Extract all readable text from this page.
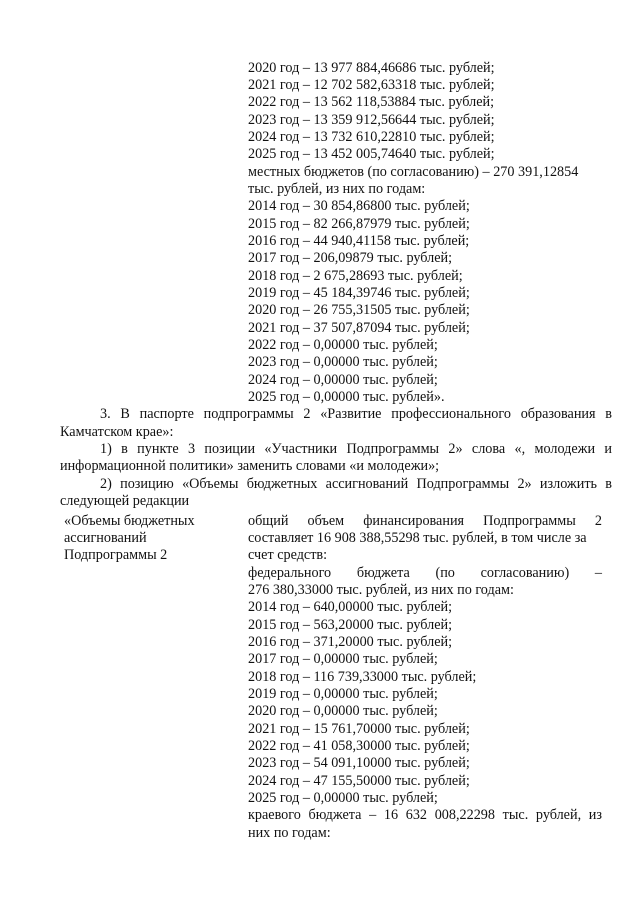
2020 год – 13 977 884,46686 тыс. рублей;
2021 год – 12 702 582,63318 тыс. рублей;
2022 год – 13 562 118,53884 тыс. рублей;
2023 год – 13 359 912,56644 тыс. рублей;
2024 год – 13 732 610,22810 тыс. рублей;
2025 год – 13 452 005,74640 тыс. рублей;
местных бюджетов (по согласованию) – 270 391,12854
тыс. рублей, из них по годам:
2014 год – 30 854,86800 тыс. рублей;
2015 год – 82 266,87979 тыс. рублей;
2016 год – 44 940,41158 тыс. рублей;
2017 год – 206,09879 тыс. рублей;
2018 год – 2 675,28693 тыс. рублей;
2019 год – 45 184,39746 тыс. рублей;
2020 год – 26 755,31505 тыс. рублей;
2021 год – 37 507,87094 тыс. рублей;
2022 год – 0,00000 тыс. рублей;
2023 год – 0,00000 тыс. рублей;
2024 год – 0,00000 тыс. рублей;
2025 год – 0,00000 тыс. рублей».
3. В паспорте подпрограммы 2 «Развитие профессионального образования в
Камчатском крае»:
1) в пункте 3 позиции «Участники Подпрограммы 2» слова «, молодежи и
информационной политики» заменить словами «и молодежи»;
2) позицию «Объемы бюджетных ассигнований Подпрограммы 2» изложить в
следующей редакции
«Объемы бюджетных
ассигнований
Подпрограммы 2
общий объем финансирования Подпрограммы 2
составляет 16 908 388,55298 тыс. рублей, в том числе за
счет средств:
федерального бюджета (по согласованию) –
276 380,33000 тыс. рублей, из них по годам:
2014 год – 640,00000 тыс. рублей;
2015 год – 563,20000 тыс. рублей;
2016 год – 371,20000 тыс. рублей;
2017 год – 0,00000 тыс. рублей;
2018 год – 116 739,33000 тыс. рублей;
2019 год – 0,00000 тыс. рублей;
2020 год – 0,00000 тыс. рублей;
2021 год – 15 761,70000 тыс. рублей;
2022 год – 41 058,30000 тыс. рублей;
2023 год – 54 091,10000 тыс. рублей;
2024 год – 47 155,50000 тыс. рублей;
2025 год – 0,00000 тыс. рублей;
краевого бюджета – 16 632 008,22298 тыс. рублей, из
них по годам:
